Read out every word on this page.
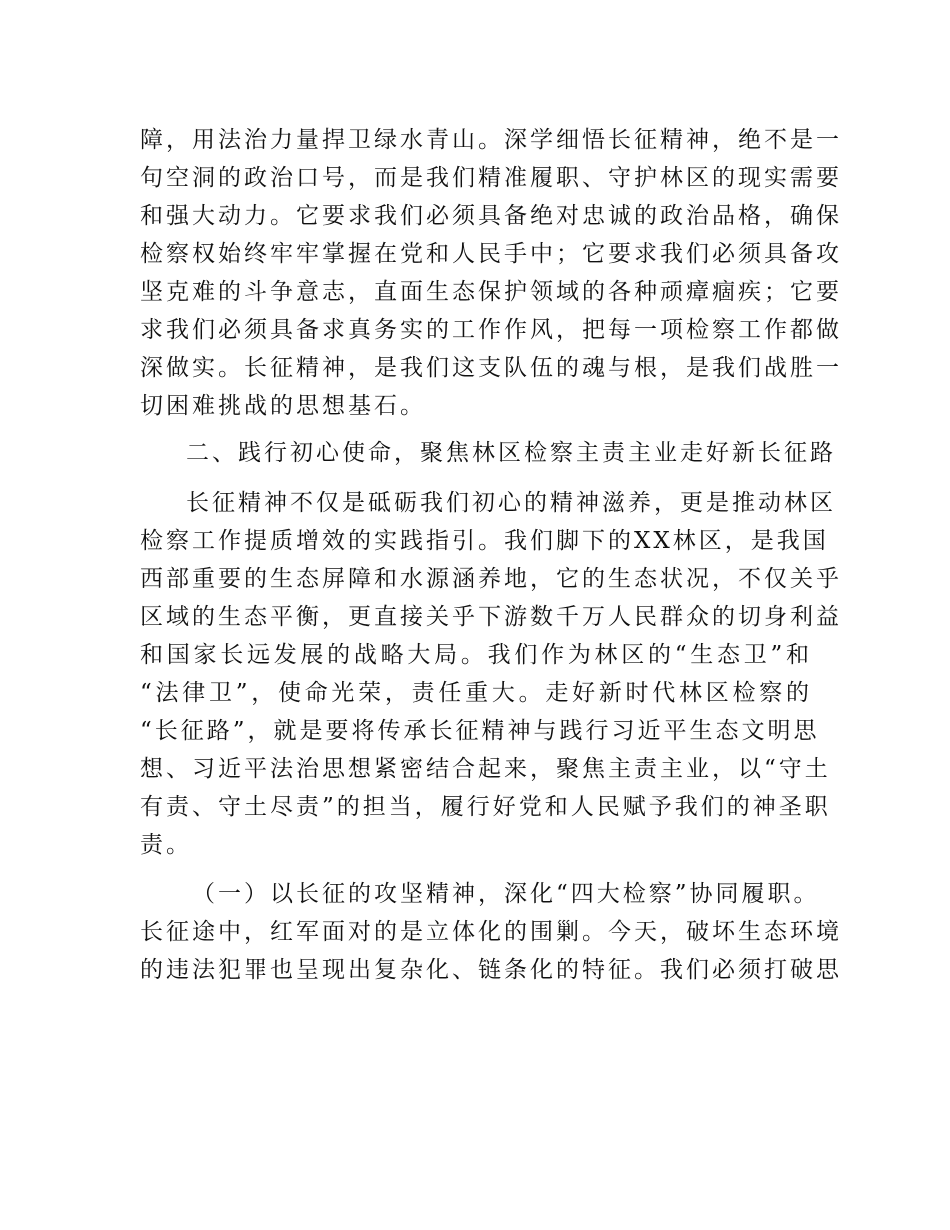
障，用法治力量捍卫绿水青山。深学细悟长征精神，绝不是一
句空洞的政治口号，而是我们精准履职、守护林区的现实需要
和强大动力。它要求我们必须具备绝对忠诚的政治品格，确保
检察权始终牢牢掌握在党和人民手中；它要求我们必须具备攻
坚克难的斗争意志，直面生态保护领域的各种顽瘴痼疾；它要
求我们必须具备求真务实的工作作风，把每一项检察工作都做
深做实。长征精神，是我们这支队伍的魂与根，是我们战胜一
切困难挑战的思想基石。
二、践行初心使命，聚焦林区检察主责主业走好新长征路
长征精神不仅是砥砺我们初心的精神滋养，更是推动林区
检察工作提质增效的实践指引。我们脚下的XX林区，是我国
西部重要的生态屏障和水源涵养地，它的生态状况，不仅关乎
区域的生态平衡，更直接关乎下游数千万人民群众的切身利益
和国家长远发展的战略大局。我们作为林区的“生态卫”和
“法律卫”，使命光荣，责任重大。走好新时代林区检察的
“长征路”，就是要将传承长征精神与践行习近平生态文明思
想、习近平法治思想紧密结合起来，聚焦主责主业，以“守土
有责、守土尽责”的担当，履行好党和人民赋予我们的神圣职
责。
（一）以长征的攻坚精神，深化“四大检察”协同履职。
长征途中，红军面对的是立体化的围剿。今天，破坏生态环境
的违法犯罪也呈现出复杂化、链条化的特征。我们必须打破思
